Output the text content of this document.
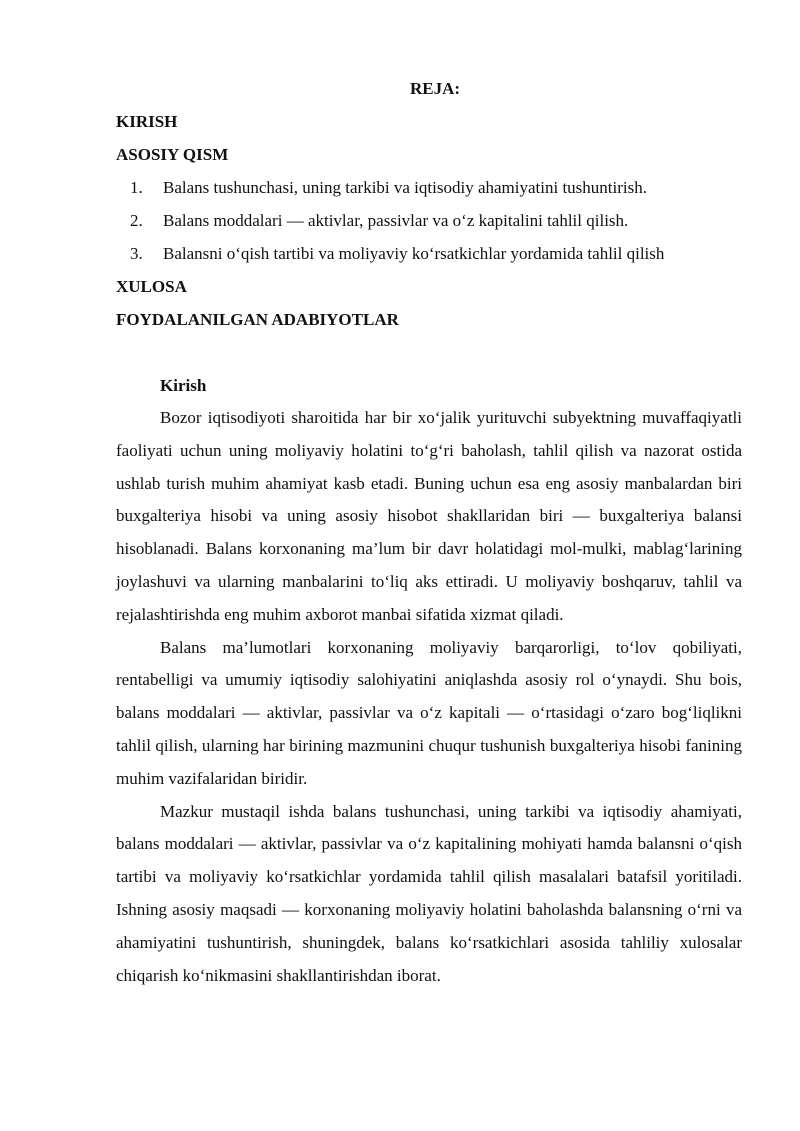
REJA:
KIRISH
ASOSIY QISM
1. Balans tushunchasi, uning tarkibi va iqtisodiy ahamiyatini tushuntirish.
2. Balans moddalari — aktivlar, passivlar va o‘z kapitalini tahlil qilish.
3. Balansni o‘qish tartibi va moliyaviy ko‘rsatkichlar yordamida tahlil qilish
XULOSA
FOYDALANILGAN ADABIYOTLAR
Kirish

Bozor iqtisodiyoti sharoitida har bir xo‘jalik yurituvchi subyektning muvaffaqiyatli faoliyati uchun uning moliyaviy holatini to‘g‘ri baholash, tahlil qilish va nazorat ostida ushlab turish muhim ahamiyat kasb etadi. Buning uchun esa eng asosiy manbalardan biri buxgalteriya hisobi va uning asosiy hisobot shakllaridan biri — buxgalteriya balansi hisoblanadi. Balans korxonaning ma’lum bir davr holatidagi mol-mulki, mablag‘larining joylashuvi va ularning manbalarini to‘liq aks ettiradi. U moliyaviy boshqaruv, tahlil va rejalashtirishda eng muhim axborot manbai sifatida xizmat qiladi.

Balans ma’lumotlari korxonaning moliyaviy barqarorligi, to‘lov qobiliyati, rentabelligi va umumiy iqtisodiy salohiyatini aniqlashda asosiy rol o‘ynaydi. Shu bois, balans moddalari — aktivlar, passivlar va o‘z kapitali — o‘rtasidagi o‘zaro bog‘liqlikni tahlil qilish, ularning har birining mazmunini chuqur tushunish buxgalteriya hisobi fanining muhim vazifalaridan biridir.

Mazkur mustaqil ishda balans tushunchasi, uning tarkibi va iqtisodiy ahamiyati, balans moddalari — aktivlar, passivlar va o‘z kapitalining mohiyati hamda balansni o‘qish tartibi va moliyaviy ko‘rsatkichlar yordamida tahlil qilish masalalari batafsil yoritiladi. Ishning asosiy maqsadi — korxonaning moliyaviy holatini baholashda balansning o‘rni va ahamiyatini tushuntirish, shuningdek, balans ko‘rsatkichlari asosida tahliliy xulosalar chiqarish ko‘nikmasini shakllantirishdan iborat.
